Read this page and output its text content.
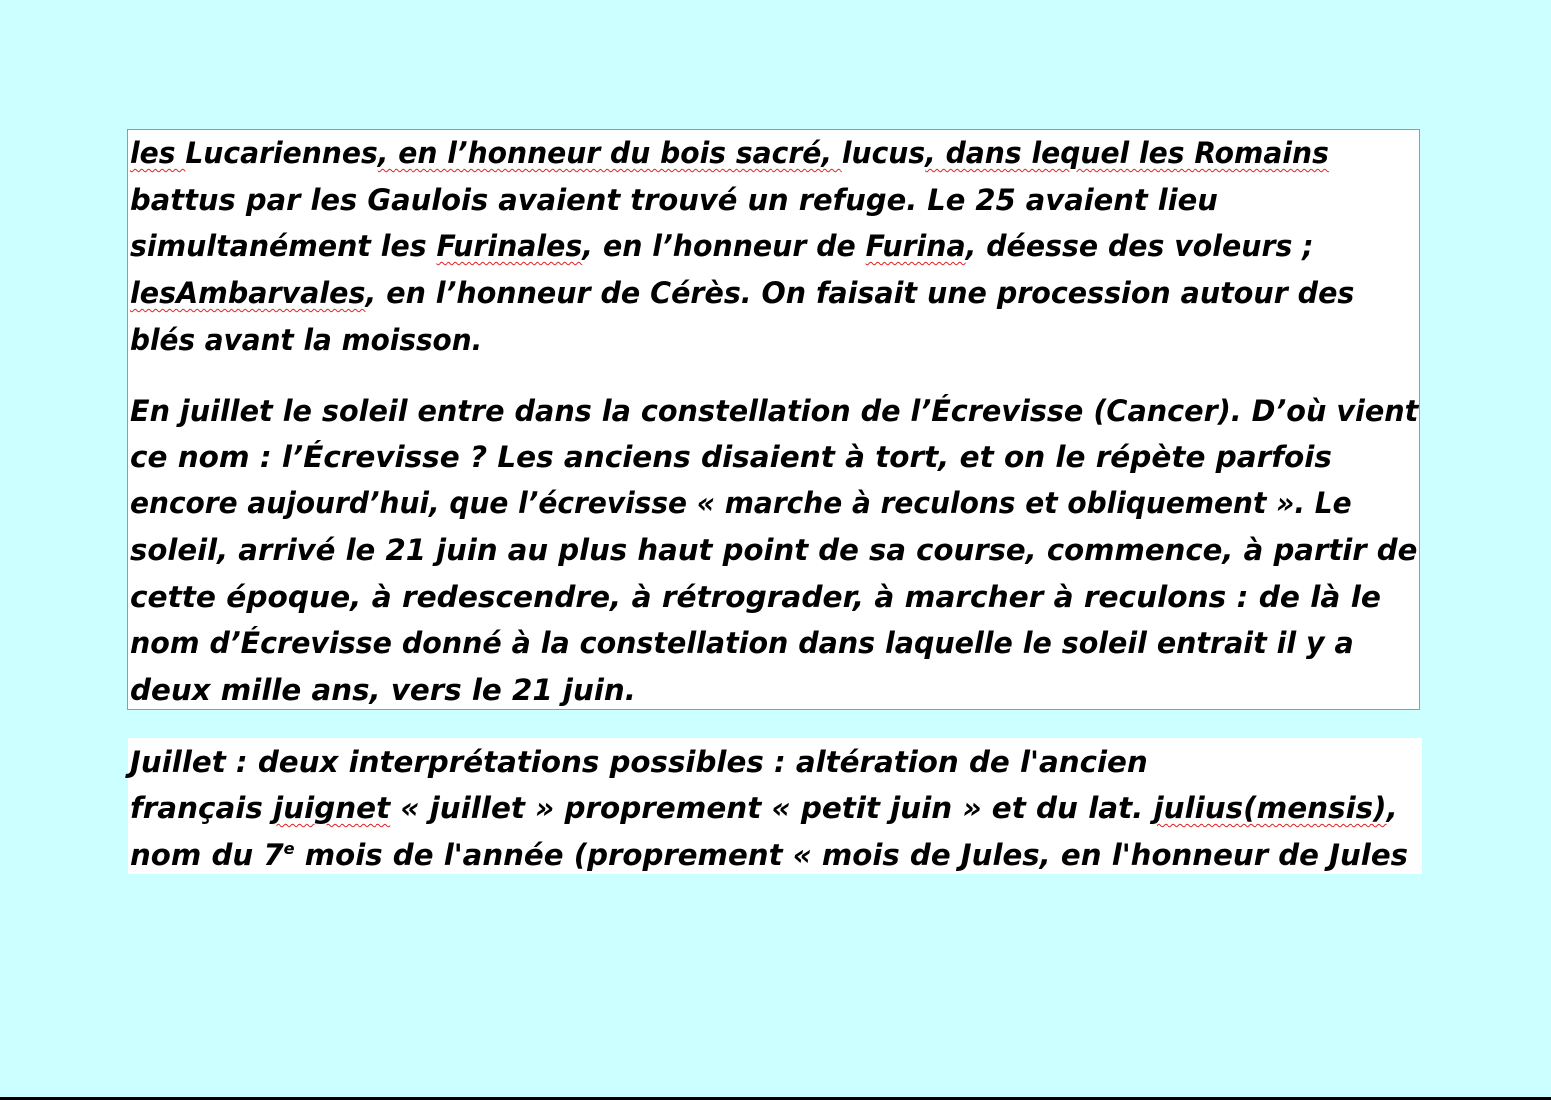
les Lucariennes, en l’honneur du bois sacré, lucus, dans lequel les Romains
battus par les Gaulois avaient trouvé un refuge. Le 25 avaient lieu
simultanément les Furinales, en l’honneur de Furina, déesse des voleurs ;
lesAmbarvales, en l’honneur de Cérès. On faisait une procession autour des
blés avant la moisson.
En juillet le soleil entre dans la constellation de l’Écrevisse (Cancer). D’où vient
ce nom : l’Écrevisse ? Les anciens disaient à tort, et on le répète parfois
encore aujourd’hui, que l’écrevisse « marche à reculons et obliquement ». Le
soleil, arrivé le 21 juin au plus haut point de sa course, commence, à partir de
cette époque, à redescendre, à rétrograder, à marcher à reculons : de là le
nom d’Écrevisse donné à la constellation dans laquelle le soleil entrait il y a
deux mille ans, vers le 21 juin.
Juillet : deux interprétations possibles : altération de l'ancien
français juignet « juillet » proprement « petit juin » et du lat. julius(mensis),
nom du 7e mois de l'année (proprement « mois de Jules, en l'honneur de Jules
